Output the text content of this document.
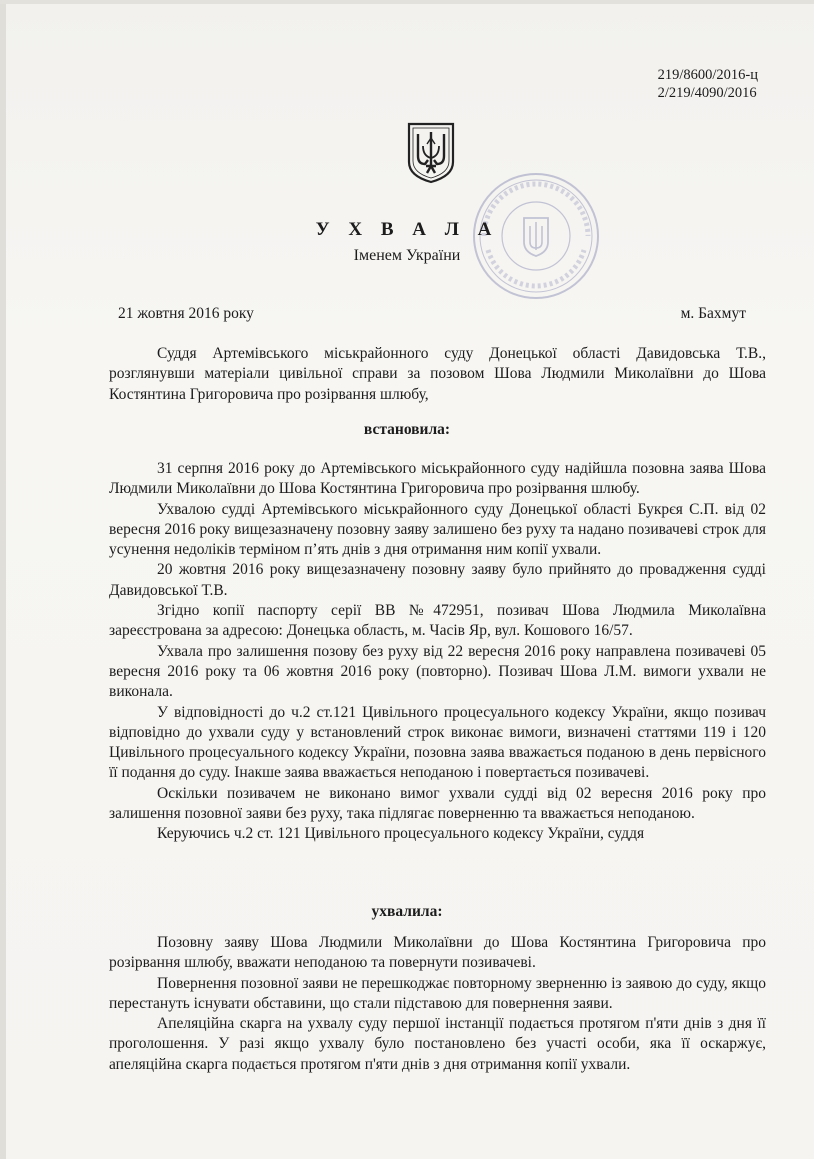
219/8600/2016-ц
2/219/4090/2016
У Х В А Л А
Іменем України
21 жовтня 2016 року	м. Бахмут

Суддя Артемівського міськрайонного суду Донецької області Давидовська Т.В., розглянувши матеріали цивільної справи за позовом Шова Людмили Миколаївни до Шова Костянтина Григоровича про розірвання шлюбу,

встановила:

31 серпня 2016 року до Артемівського міськрайонного суду надійшла позовна заява Шова Людмили Миколаївни до Шова Костянтина Григоровича про розірвання шлюбу.

Ухвалою судді Артемівського міськрайонного суду Донецької області Букрєя С.П. від 02 вересня 2016 року вищезазначену позовну заяву залишено без руху та надано позивачеві строк для усунення недоліків терміном п’ять днів з дня отримання ним копії ухвали.

20 жовтня 2016 року вищезазначену позовну заяву було прийнято до провадження судді Давидовської Т.В.

Згідно копії паспорту серії ВВ №472951, позивач Шова Людмила Миколаївна зареєстрована за адресою: Донецька область, м. Часів Яр, вул. Кошового 16/57.

Ухвала про залишення позову без руху від 22 вересня 2016 року направлена позивачеві 05 вересня 2016 року та 06 жовтня 2016 року (повторно). Позивач Шова Л.М. вимоги ухвали не виконала.

У відповідності до ч.2 ст.121 Цивільного процесуального кодексу України, якщо позивач відповідно до ухвали суду у встановлений строк виконає вимоги, визначені статтями 119 і 120 Цивільного процесуального кодексу України, позовна заява вважається поданою в день первісного її подання до суду. Інакше заява вважається неподаною і повертається позивачеві.

Оскільки позивачем не виконано вимог ухвали судді від 02 вересня 2016 року про залишення позовної заяви без руху, така підлягає поверненню та вважається неподаною.

Керуючись ч.2 ст. 121 Цивільного процесуального кодексу України, суддя

ухвалила:

Позовну заяву Шова Людмили Миколаївни до Шова Костянтина Григоровича про розірвання шлюбу, вважати неподаною та повернути позивачеві.

Повернення позовної заяви не перешкоджає повторному зверненню із заявою до суду, якщо перестануть існувати обставини, що стали підставою для повернення заяви.

Апеляційна скарга на ухвалу суду першої інстанції подається протягом п'яти днів з дня її проголошення. У разі якщо ухвалу було постановлено без участі особи, яка її оскаржує, апеляційна скарга подається протягом п'яти днів з дня отримання копії ухвали.
